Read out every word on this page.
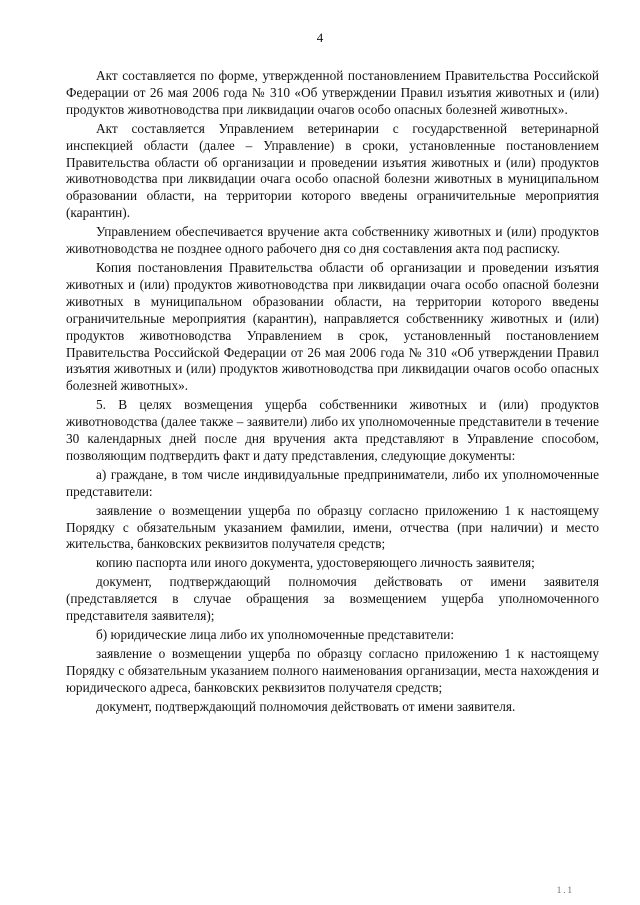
4

Акт составляется по форме, утвержденной постановлением Правительства Российской Федерации от 26 мая 2006 года № 310 «Об утверждении Правил изъятия животных и (или) продуктов животноводства при ликвидации очагов особо опасных болезней животных».

Акт составляется Управлением ветеринарии с государственной ветеринарной инспекцией области (далее – Управление) в сроки, установленные постановлением Правительства области об организации и проведении изъятия животных и (или) продуктов животноводства при ликвидации очага особо опасной болезни животных в муниципальном образовании области, на территории которого введены ограничительные мероприятия (карантин).

Управлением обеспечивается вручение акта собственнику животных и (или) продуктов животноводства не позднее одного рабочего дня со дня составления акта под расписку.

Копия постановления Правительства области об организации и проведении изъятия животных и (или) продуктов животноводства при ликвидации очага особо опасной болезни животных в муниципальном образовании области, на территории которого введены ограничительные мероприятия (карантин), направляется собственнику животных и (или) продуктов животноводства Управлением в срок, установленный постановлением Правительства Российской Федерации от 26 мая 2006 года № 310 «Об утверждении Правил изъятия животных и (или) продуктов животноводства при ликвидации очагов особо опасных болезней животных».

5. В целях возмещения ущерба собственники животных и (или) продуктов животноводства (далее также – заявители) либо их уполномоченные представители в течение 30 календарных дней после дня вручения акта представляют в Управление способом, позволяющим подтвердить факт и дату представления, следующие документы:

а) граждане, в том числе индивидуальные предприниматели, либо их уполномоченные представители:

заявление о возмещении ущерба по образцу согласно приложению 1 к настоящему Порядку с обязательным указанием фамилии, имени, отчества (при наличии) и место жительства, банковских реквизитов получателя средств;

копию паспорта или иного документа, удостоверяющего личность заявителя;

документ, подтверждающий полномочия действовать от имени заявителя (представляется в случае обращения за возмещением ущерба уполномоченного представителя заявителя);

б) юридические лица либо их уполномоченные представители:

заявление о возмещении ущерба по образцу согласно приложению 1 к настоящему Порядку с обязательным указанием полного наименования организации, места нахождения и юридического адреса, банковских реквизитов получателя средств;

документ, подтверждающий полномочия действовать от имени заявителя.

1.1
